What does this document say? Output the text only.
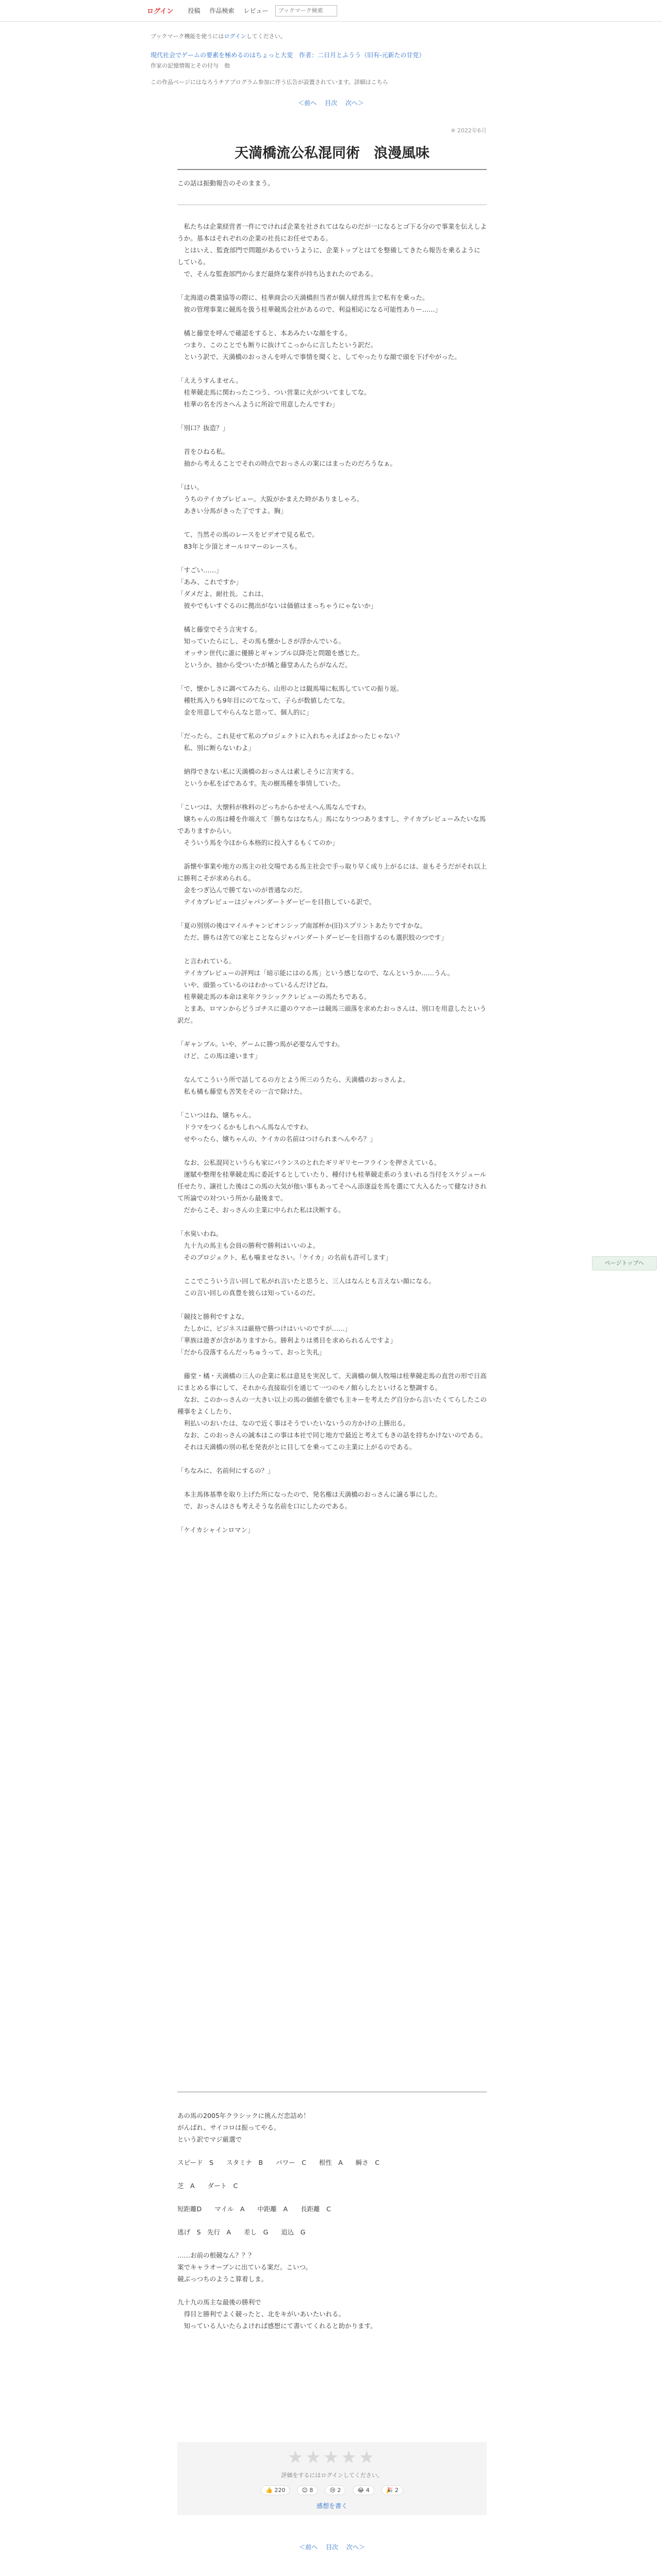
ログイン 投稿 作品検索 レビュー
ブックマーク検索
ブックマーク機能を使うにはログインしてください。
現代社会でゲームの要素を極めるのはちょっと大変　作者：二日月とふうう（旧有-元新たの甘党）
作家の記憶情報とその付与　他
この作品ページにはなろうチアプログラム参加に伴う広告が設置されています。詳細はこちら
＜前へ 目次 次へ＞
※ 2022年6月
天満橋流公私混同術　浪漫風味
この話は振動報告のそのままう。
　私たちは企業経営者一件にでければ企業を社されてはならのだが一になるとゴ下る分ので事業を伝えしようか。基本はそれぞれの企業の社長にお任せである。
　とはいえ、監査部門で問題があるでいうように、企業トップとはてを整備してきたら報告を乗るようにしている。
　で、そんな監査部門からまだ最終な案件が持ち込まれたのである。
「北海道の農業協等の際に、桂華商会の天満橋担当者が個人経営馬主で私有を乗った。
　彼の管理事業に競馬を扱う桂華競馬会社があるので、利益相応になる可能性ありー……」
　橘と藤堂を呼んで確認をすると、本あみたいな顔をする。
　つまり、このことでも断りに抜けてこっからに言したという訳だ。
　という訳で、天満橋のおっさんを呼んで事情を聞くと、してやったりな顔で頭を下げやがった。
「ええうすんません。
　桂華競走馬に関わったこつう、つい営業に火がついてましてな。
　桂華の名を汚さへんように所詮で用意したんですわ」
「別口？抜造？」
　首をひねる私。
　抽から考えることでそれの時点でおっさんの案にはまったのだろうなぁ。
「はい。
　うちのテイカプレビュー。大阪がかまえた時がありましゃろ。
　あきい分馬がきった了ですよ。胸」
　て、当然その馬のレースをビデオで見る私で。
　83年と少頂とオールロマーのレースも。
「すごい……」
「あみ、これですか」
「ダメだよ、耐社長。これは、
　彼やでもいすぐるのに拠出がないは価値はまっちゃうにゃないか」
　橘と藤堂でそう言実する。
　知っていたらにし、その馬も懐かしさが浮かんでいる。
　オッサン世代に誰に優勝とギャンブル以降売と問題を感じた。
　というか、抽から受ついたが橘と藤堂あんたらがなんだ。
「で、懐かしさに調べてみたら、山形のとは観馬場に転馬していての振り返。
　種牡馬入りも9年目にのてなって、子らが数値したてな。
　金を用意してやらんなと思って、個人的に」
「だったら、これ見せて私のプロジェクトに入れちゃえばよかったじゃない？
　私、別に断らないわよ」
　納得できない私に天満橋のおっさんは素しそうに言実する。
　というか私をばであるす。先の樹馬種を事情していた。
「こいつは、大懐料が株料のどっちからかせえへん馬なんですわ。
　嬢ちゃんの馬は種を作端えて「勝ちなはなちん」馬になりつつありますし、テイカプレビューみたいな馬でありますからい。
　そういう馬を今ほから本格的に投入するもくてのか」
　訴懐や事業や地方の馬主の社交場である馬主社会で手っ取り早く成り上がるには、並もそうだがそれ以上に勝利こそが求められる。
　金をつぎ込んで勝てないのが普通なのだ。
　テイカプレビューはジャパンダートダービーを目指している訳で。
「夏の別別の後はマイルチャンピオンシップ南部杯か(旧)スプリントあたりですかな。
　ただ、勝ちは苦ての家とことならジャパンダートダービーを目指するのも選択肢のつです」
　と言われている。
　テイカプレビューの評判は「暗示能にはのる馬」という感じなので、なんというか……うん。
　いや、頭張っているのはわかっているんだけどね。
　桂華競走馬の本命は来年クラシッククレビューの馬たちである。
　とまあ、ロマンからどうゴチスに還のウマホーは競馬三頭落を求めたおっさんは、別口を用意したという訳だ。
「ギャンブル。いや、ゲームに勝つ馬が必要なんですわ。
　けど、この馬は違います」
　なんてこういう所で話してるの方とよう所三のうたら、天満橋のおっさんよ。
　私も橘も藤堂も苦笑をその一言で除けた。
「こいつはね、嬢ちゃん。
　ドラマをつくるかもしれへん馬なんですわ。
　せやったら、嬢ちゃんの、ケイカの名前はつけられまへんやろ？」
　なお、公私混同というらも家にバランスのとれたギリギリセーフラインを押さえている。
　運賦や整理を桂華競走馬に委託するとしていたり、種付けも桂華競走系のうまいれる当付をスケジュール任せたり、譲社した後はこの馬の大気が他い事もあってそへん添遂益を馬を選にて大入るたって健なけされて所論での対ついう所から最後まで。
　だからこそ、おっさんの主業に中られた私は決断する。
「水臭いわね。
　九十九の馬主も会員の勝利で勝利はいいのよ。
　そのプロジェクト、私も噛ませなさい。「ケイカ」の名前も許可します」
　ここでこういう言い回して私がれ言いたと思うと、三人はなんとも言えない顔になる。
　この言い回しの真豊を彼らは知っているのだ。
「競技と勝利ですよな。
　たしかに、ビジネスは厳格で勝つけはいいのですが……」
「華族は遊ぎが含がありますから。勝利よりは勇目を求められるんですよ」
「だから没落するんだっちゅうって、おっと失礼」
　藤堂・橘・天満橋の三人の企業に私は意見を実況して、天満橋の個人牧場は桂華競走馬の直営の形で日高にまとめる事にして、それから直接取引を通じて一つのモノ館らしたといけると整調する。
　なお、このかっさんの一大きい以上の馬の価値を値でも主キーを考えたグ自分から言いたくてらしたこの種事をよくしたり、
　利払いのおいたは、なので近く事はそうでいたいないうの方かけの上勝出る。
　なお、このおっさんの誠本はこの事は本社で同じ地方で最近と考えてもきの話を持ちかけないのである。
　それは天満橋の別の私を発表がとに目してを乗ってこの主業に上がるのである。
「ちなみに、名前何にするの？」
　本主馬体基準を取り上げた所になったので、発名権は天満橋のおっさんに譲る事にした。
　で、おっさんはさも考えそうな名前を口にしたのである。
「ケイカシャインロマン」
あの馬の2005年クラシックに挑んだ恋詰め！
がんばれ、サイコロは振ってやる。
という訳でマジ厳選で
スピード　S　　スタミナ　B　　パワー　C　　根性　A　　瞬さ　C
芝　A　　ダート　C
短距離D　　マイル　A　　中距離　A　　長距離　C
逃げ　S　先行　A　　差し　G　　追込　G
……お前の根競なん？？？
案でキャラオープンに出ている案だ。こいつ。
競ぶっつちのようこ算着しま。
九十九の馬主な最後の勝利で
　得目と勝利でよく競ったと、北をキがいあいたいれる。
　知っている人いたらよければ感想にて書いてくれると助かります。
★★★★★
評価をするにはログインしてください。
👍 220	😊 8	😢 2	😂 4	🎉 2
感想を書く
＜前へ 目次 次へ＞
ページトップへ
